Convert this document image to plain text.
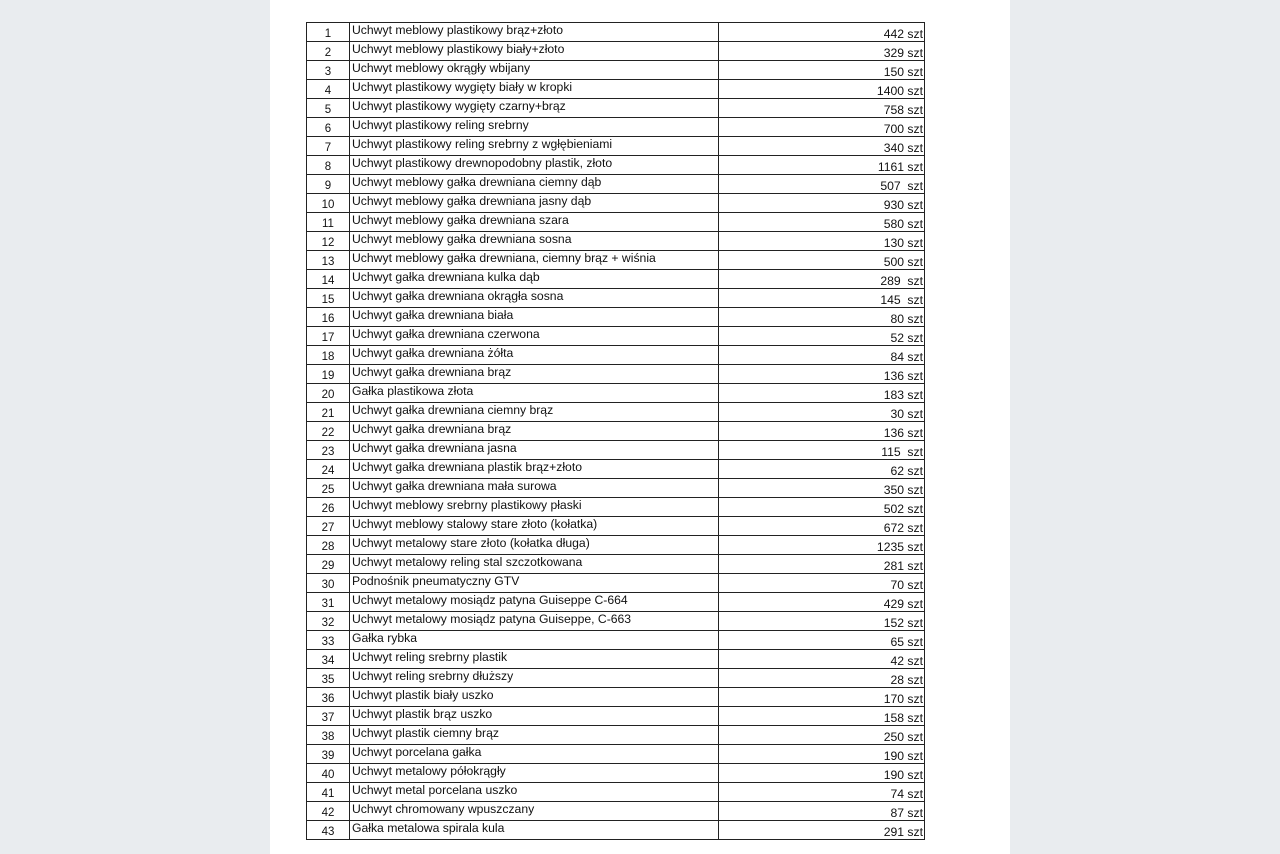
1	Uchwyt meblowy plastikowy brąz+złoto	442 szt
2	Uchwyt meblowy plastikowy biały+złoto	329 szt
3	Uchwyt meblowy okrągły wbijany	150 szt
4	Uchwyt plastikowy wygięty biały w kropki	1400 szt
5	Uchwyt plastikowy wygięty czarny+brąz	758 szt
6	Uchwyt plastikowy reling srebrny	700 szt
7	Uchwyt plastikowy reling srebrny z wgłębieniami	340 szt
8	Uchwyt plastikowy drewnopodobny plastik, złoto	1161 szt
9	Uchwyt meblowy gałka drewniana ciemny dąb	507  szt
10	Uchwyt meblowy gałka drewniana jasny dąb	930 szt
11	Uchwyt meblowy gałka drewniana szara	580 szt
12	Uchwyt meblowy gałka drewniana sosna	130 szt
13	Uchwyt meblowy gałka drewniana, ciemny brąz + wiśnia	500 szt
14	Uchwyt gałka drewniana kulka dąb	289  szt
15	Uchwyt gałka drewniana okrągła sosna	145  szt
16	Uchwyt gałka drewniana biała	80 szt
17	Uchwyt gałka drewniana czerwona	52 szt
18	Uchwyt gałka drewniana żółta	84 szt
19	Uchwyt gałka drewniana brąz	136 szt
20	Gałka plastikowa złota	183 szt
21	Uchwyt gałka drewniana ciemny brąz	30 szt
22	Uchwyt gałka drewniana brąz	136 szt
23	Uchwyt gałka drewniana jasna	115  szt
24	Uchwyt gałka drewniana plastik brąz+złoto	62 szt
25	Uchwyt gałka drewniana mała surowa	350 szt
26	Uchwyt meblowy srebrny plastikowy płaski	502 szt
27	Uchwyt meblowy stalowy stare złoto (kołatka)	672 szt
28	Uchwyt metalowy stare złoto (kołatka długa)	1235 szt
29	Uchwyt metalowy reling stal szczotkowana	281 szt
30	Podnośnik pneumatyczny GTV	70 szt
31	Uchwyt metalowy mosiądz patyna Guiseppe C-664	429 szt
32	Uchwyt metalowy mosiądz patyna Guiseppe, C-663	152 szt
33	Gałka rybka	65 szt
34	Uchwyt reling srebrny plastik	42 szt
35	Uchwyt reling srebrny dłuższy	28 szt
36	Uchwyt plastik biały uszko	170 szt
37	Uchwyt plastik brąz uszko	158 szt
38	Uchwyt plastik ciemny brąz	250 szt
39	Uchwyt porcelana gałka	190 szt
40	Uchwyt metalowy półokrągły	190 szt
41	Uchwyt metal porcelana uszko	74 szt
42	Uchwyt chromowany wpuszczany	87 szt
43	Gałka metalowa spirala kula	291 szt
